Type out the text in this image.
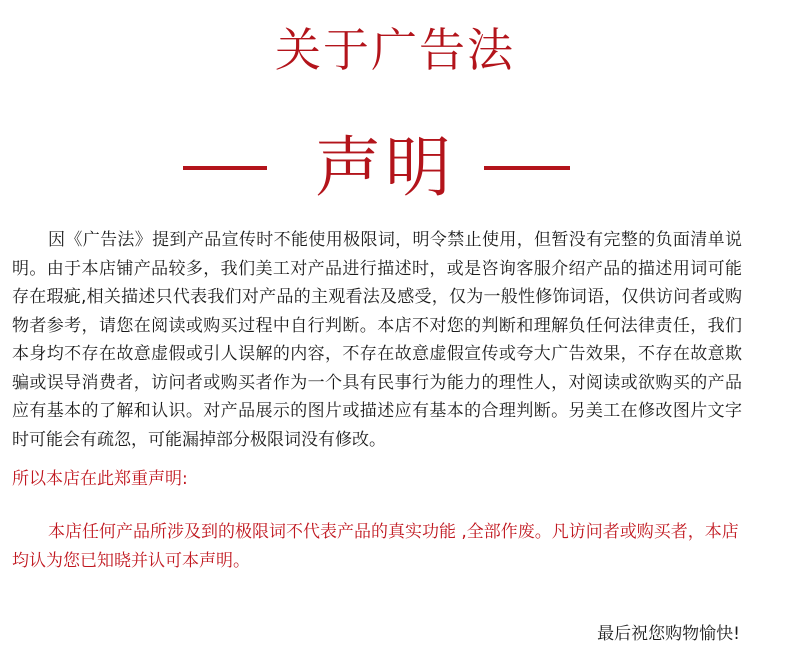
关于广告法
声明

因《广告法》提到产品宣传时不能使用极限词，明令禁止使用，但暂没有完整的负面清单说明。由于本店铺产品较多，我们美工对产品进行描述时，或是咨询客服介绍产品的描述用词可能存在瑕疵,相关描述只代表我们对产品的主观看法及感受，仅为一般性修饰词语，仅供访问者或购物者参考，请您在阅读或购买过程中自行判断。本店不对您的判断和理解负任何法律责任，我们本身均不存在故意虚假或引人误解的内容，不存在故意虚假宣传或夸大广告效果，不存在故意欺骗或误导消费者，访问者或购买者作为一个具有民事行为能力的理性人，对阅读或欲购买的产品应有基本的了解和认识。对产品展示的图片或描述应有基本的合理判断。另美工在修改图片文字时可能会有疏忽，可能漏掉部分极限词没有修改。

所以本店在此郑重声明:

本店任何产品所涉及到的极限词不代表产品的真实功能 ,全部作废。凡访问者或购买者，本店均认为您已知晓并认可本声明。

最后祝您购物愉快!
